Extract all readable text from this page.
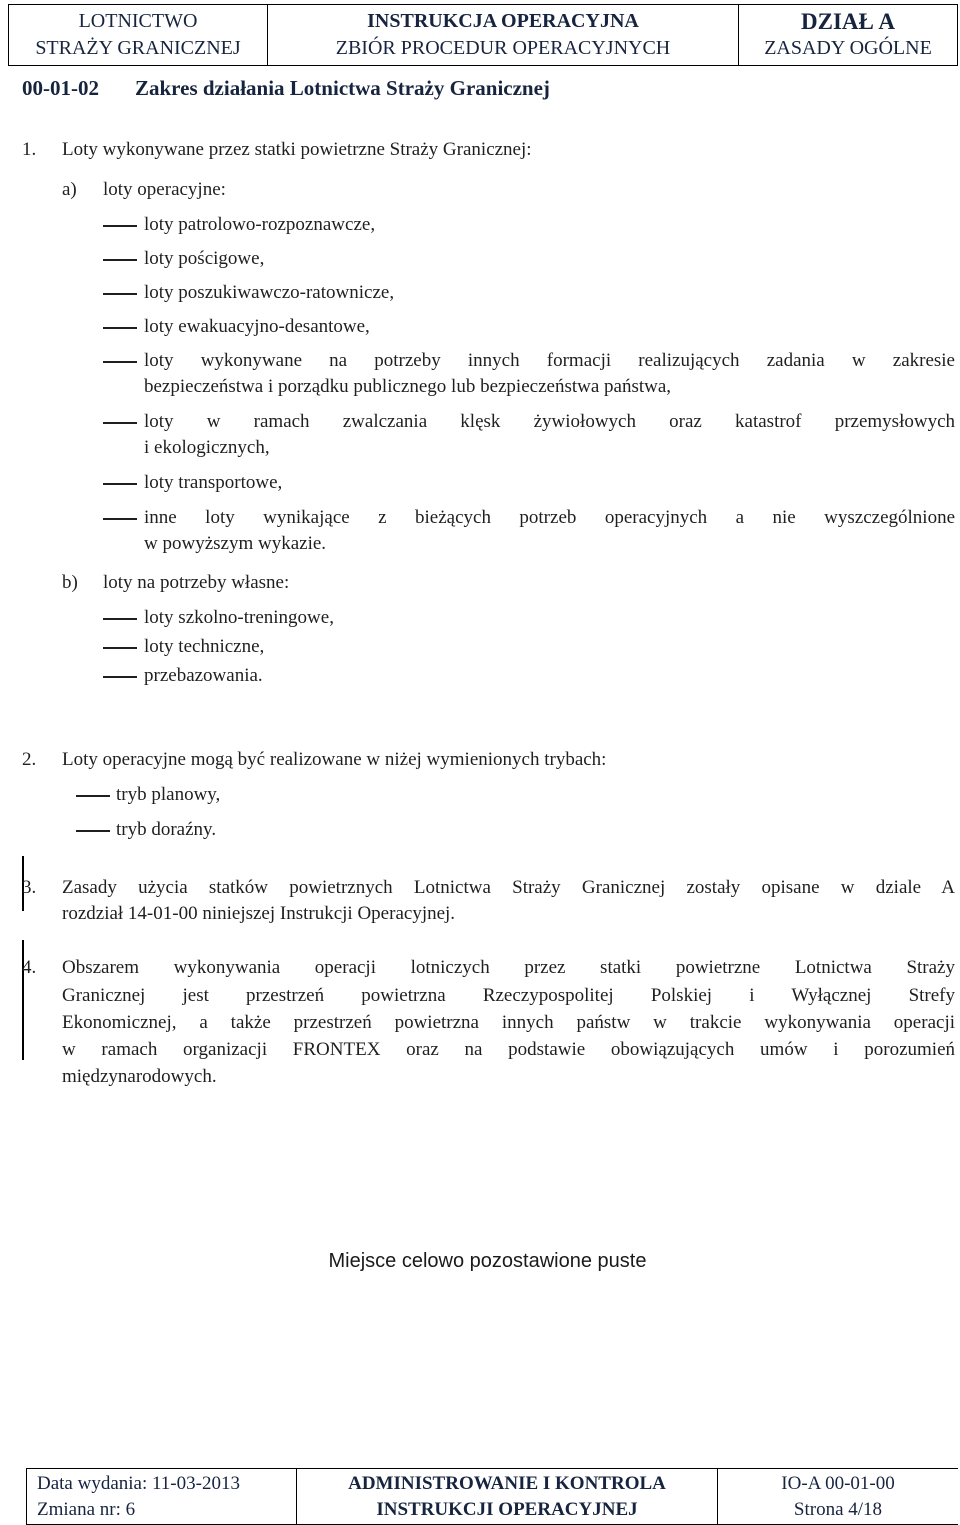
LOTNICTWO
STRAŻY GRANICZNEJ
INSTRUKCJA OPERACYJNA
ZBIÓR PROCEDUR OPERACYJNYCH
DZIAŁ A
ZASADY OGÓLNE
00-01-02 Zakres działania Lotnictwa Straży Granicznej
1. Loty wykonywane przez statki powietrzne Straży Granicznej:
a) loty operacyjne:
loty patrolowo-rozpoznawcze,
loty pościgowe,
loty poszukiwawczo-ratownicze,
loty ewakuacyjno-desantowe,
loty wykonywane na potrzeby innych formacji realizujących zadania w zakresie
bezpieczeństwa i porządku publicznego lub bezpieczeństwa państwa,
loty w ramach zwalczania klęsk żywiołowych oraz katastrof przemysłowych
i ekologicznych,
loty transportowe,
inne loty wynikające z bieżących potrzeb operacyjnych a nie wyszczególnione
w powyższym wykazie.
b) loty na potrzeby własne:
loty szkolno-treningowe,
loty techniczne,
przebazowania.
2. Loty operacyjne mogą być realizowane w niżej wymienionych trybach:
tryb planowy,
tryb doraźny.
3. Zasady użycia statków powietrznych Lotnictwa Straży Granicznej zostały opisane w dziale A
rozdział 14-01-00 niniejszej Instrukcji Operacyjnej.
4. Obszarem wykonywania operacji lotniczych przez statki powietrzne Lotnictwa Straży
Granicznej jest przestrzeń powietrzna Rzeczypospolitej Polskiej i Wyłącznej Strefy
Ekonomicznej, a także przestrzeń powietrzna innych państw w trakcie wykonywania operacji
w ramach organizacji FRONTEX oraz na podstawie obowiązujących umów i porozumień
międzynarodowych.
Miejsce celowo pozostawione puste
Data wydania: 11-03-2013
Zmiana nr: 6
ADMINISTROWANIE I KONTROLA
INSTRUKCJI OPERACYJNEJ
IO-A 00-01-00
Strona 4/18
